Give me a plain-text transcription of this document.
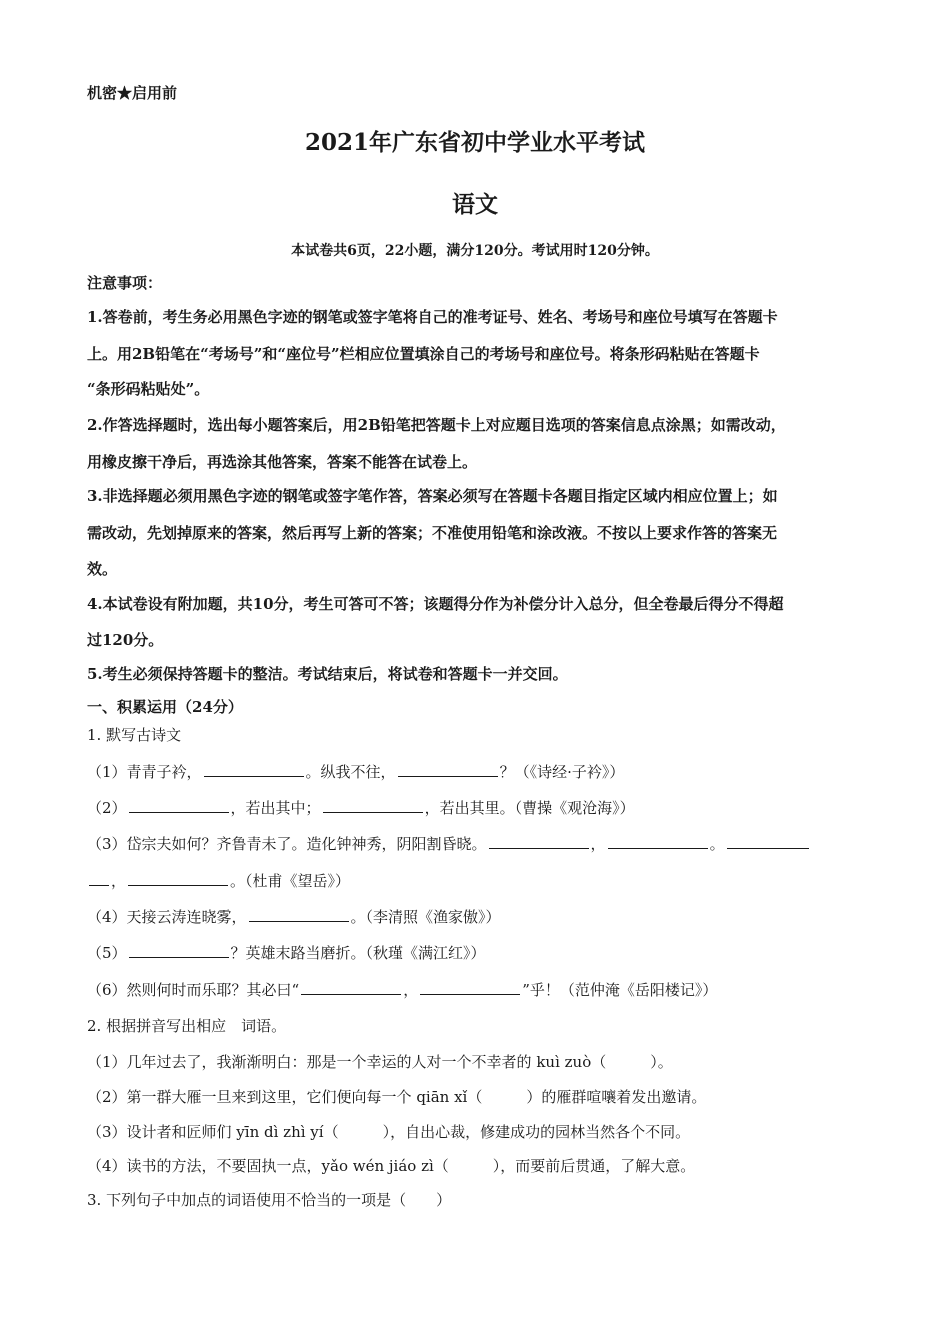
机密★启用前
2021年广东省初中学业水平考试
语文
本试卷共6页，22小题，满分120分。考试用时120分钟。

注意事项：

1.答卷前，考生务必用黑色字迹的钢笔或签字笔将自己的准考证号、姓名、考场号和座位号填写在答题卡

上。用2B铅笔在“考场号”和“座位号”栏相应位置填涂自己的考场号和座位号。将条形码粘贴在答题卡

“条形码粘贴处”。

2.作答选择题时，选出每小题答案后，用2B铅笔把答题卡上对应题目选项的答案信息点涂黑；如需改动，

用橡皮擦干净后，再选涂其他答案，答案不能答在试卷上。

3.非选择题必须用黑色字迹的钢笔或签字笔作答，答案必须写在答题卡各题目指定区域内相应位置上；如

需改动，先划掉原来的答案，然后再写上新的答案；不准使用铅笔和涂改液。不按以上要求作答的答案无

效。

4.本试卷设有附加题，共10分，考生可答可不答；该题得分作为补偿分计入总分，但全卷最后得分不得超

过120分。

5.考生必须保持答题卡的整洁。考试结束后，将试卷和答题卡一并交回。

一、积累运用（24分）
1. 默写古诗文
（1）青青子衿，	。纵我不往，	？（《诗经·子衿》）
（2）	，若出其中；	，若出其里。（曹操《观沧海》）
（3）岱宗夫如何？齐鲁青未了。造化钟神秀，阴阳割昏晓。	，	。
，	。（杜甫《望岳》）
（4）天接云涛连晓雾，	。（李清照《渔家傲》）
（5）	？英雄末路当磨折。（秋瑾《满江红》）
（6）然则何时而乐耶？其必曰“	，	”乎！（范仲淹《岳阳楼记》）
2. 根据拼音写出相应　词语。
（1）几年过去了，我渐渐明白：那是一个幸运的人对一个不幸者的 kuì zuò（	）。
（2）第一群大雁一旦来到这里，它们便向每一个 qiān xǐ（	）的雁群喧嚷着发出邀请。
（3）设计者和匠师们 yīn dì zhì yí（	），自出心裁，修建成功的园林当然各个不同。
（4）读书的方法，不要固执一点，yǎo wén jiáo zì（	），而要前后贯通，了解大意。
3. 下列句子中加点的词语使用不恰当的一项是（　　）
